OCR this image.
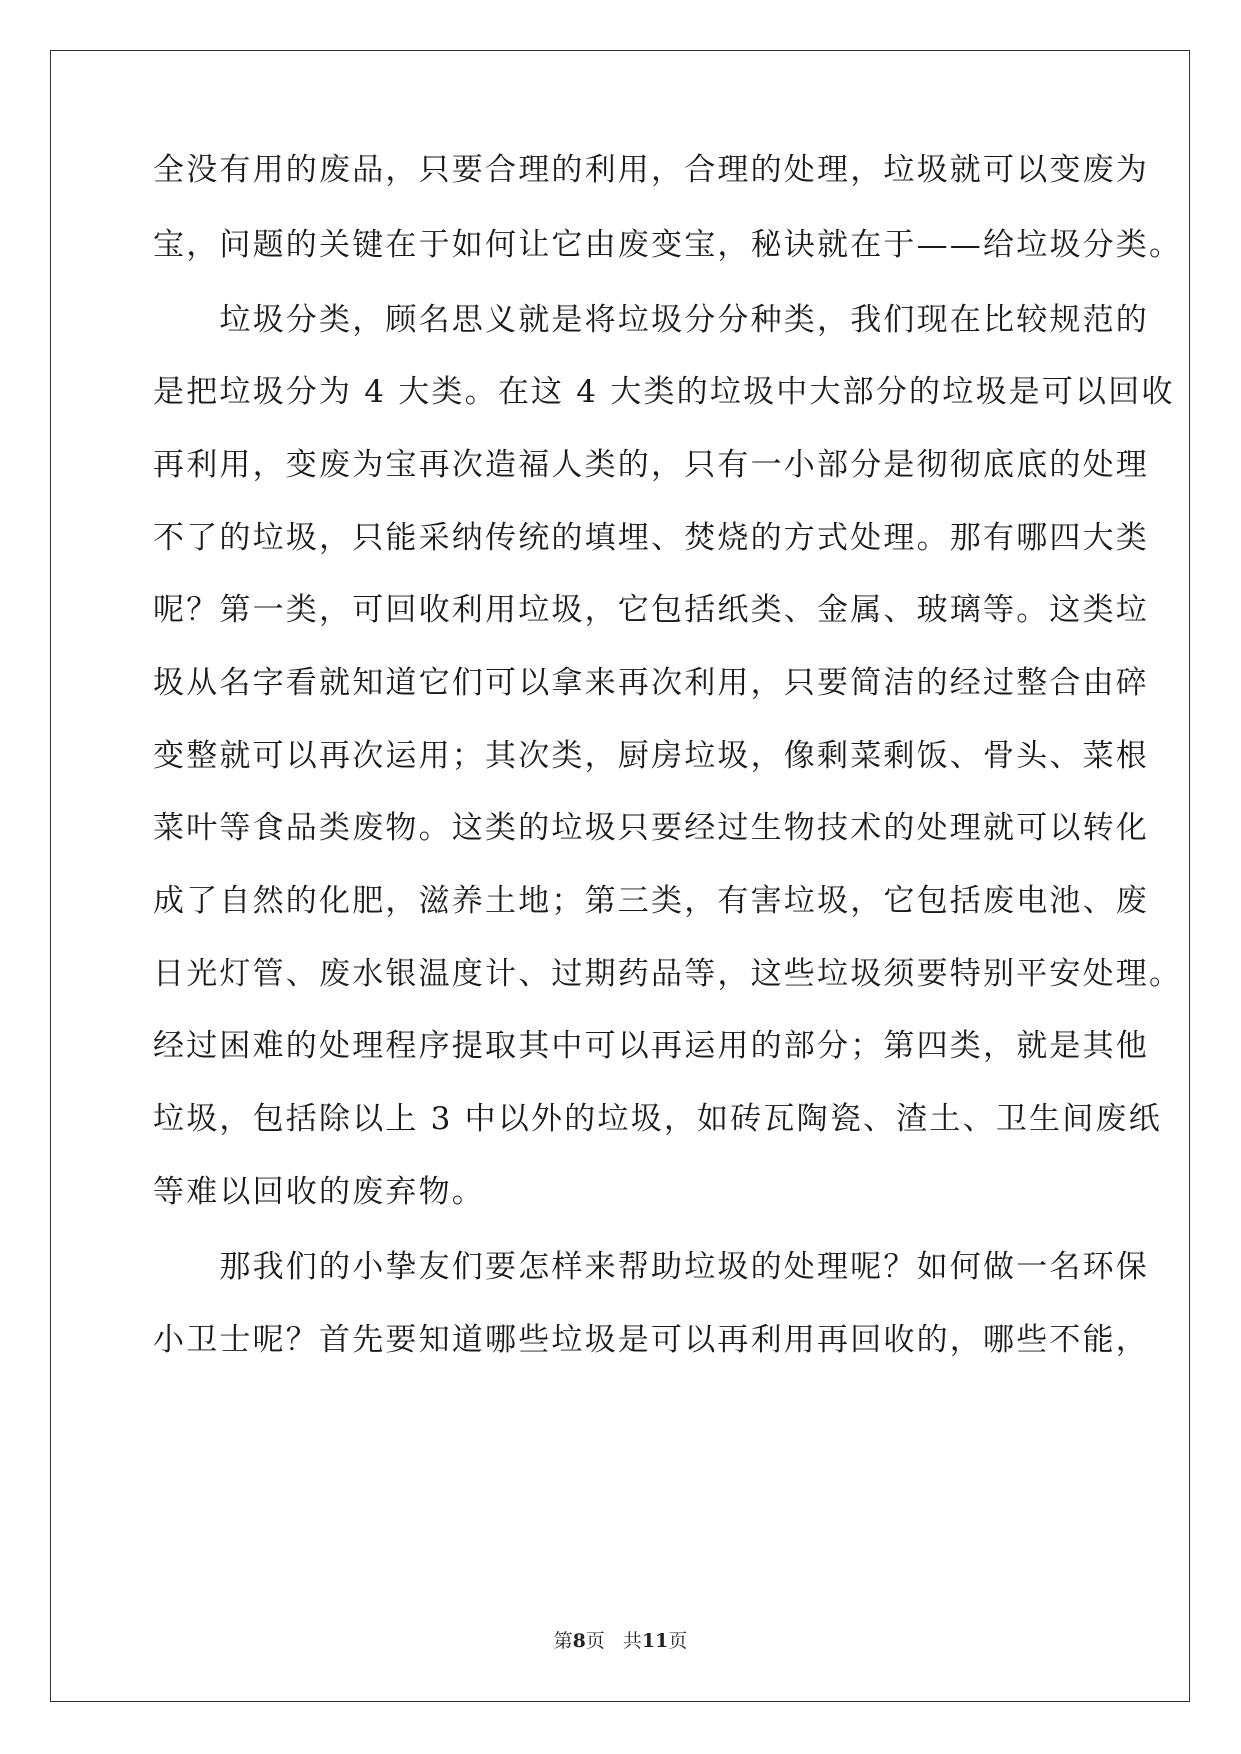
全没有用的废品，只要合理的利用，合理的处理，垃圾就可以变废为
宝，问题的关键在于如何让它由废变宝，秘诀就在于——给垃圾分类。
　　垃圾分类，顾名思义就是将垃圾分分种类，我们现在比较规范的
是把垃圾分为 4 大类。在这 4 大类的垃圾中大部分的垃圾是可以回收
再利用，变废为宝再次造福人类的，只有一小部分是彻彻底底的处理
不了的垃圾，只能采纳传统的填埋、焚烧的方式处理。那有哪四大类
呢？第一类，可回收利用垃圾，它包括纸类、金属、玻璃等。这类垃
圾从名字看就知道它们可以拿来再次利用，只要简洁的经过整合由碎
变整就可以再次运用；其次类，厨房垃圾，像剩菜剩饭、骨头、菜根
菜叶等食品类废物。这类的垃圾只要经过生物技术的处理就可以转化
成了自然的化肥，滋养土地；第三类，有害垃圾，它包括废电池、废
日光灯管、废水银温度计、过期药品等，这些垃圾须要特别平安处理。
经过困难的处理程序提取其中可以再运用的部分；第四类，就是其他
垃圾，包括除以上 3 中以外的垃圾，如砖瓦陶瓷、渣土、卫生间废纸
等难以回收的废弃物。
　　那我们的小挚友们要怎样来帮助垃圾的处理呢？如何做一名环保
小卫士呢？首先要知道哪些垃圾是可以再利用再回收的，哪些不能，
第8页 共11页
